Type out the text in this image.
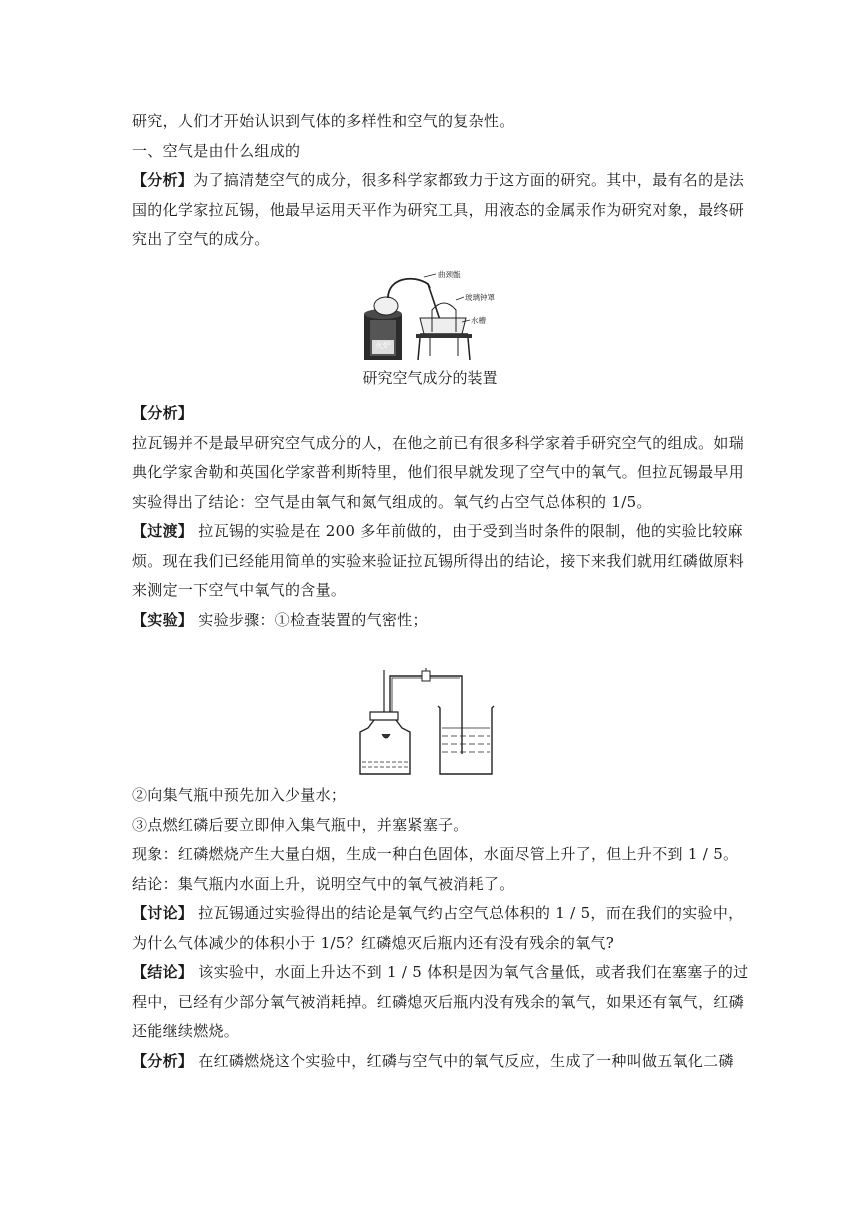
研究，人们才开始认识到气体的多样性和空气的复杂性。

一、空气是由什么组成的

【分析】为了搞清楚空气的成分，很多科学家都致力于这方面的研究。其中，最有名的是法

国的化学家拉瓦锡，他最早运用天平作为研究工具，用液态的金属汞作为研究对象，最终研

究出了空气的成分。

火炉
曲颈甑
玻璃钟罩
水槽
研究空气成分的装置

【分析】

拉瓦锡并不是最早研究空气成分的人，在他之前已有很多科学家着手研究空气的组成。如瑞

典化学家舍勒和英国化学家普利斯特里，他们很早就发现了空气中的氧气。但拉瓦锡最早用

实验得出了结论：空气是由氧气和氮气组成的。氧气约占空气总体积的 1/5。

【过渡】 拉瓦锡的实验是在 200 多年前做的，由于受到当时条件的限制，他的实验比较麻

烦。现在我们已经能用简单的实验来验证拉瓦锡所得出的结论，接下来我们就用红磷做原料

来测定一下空气中氧气的含量。

【实验】 实验步骤：①检查装置的气密性；

②向集气瓶中预先加入少量水；

③点燃红磷后要立即伸入集气瓶中，并塞紧塞子。

现象：红磷燃烧产生大量白烟，生成一种白色固体，水面尽管上升了，但上升不到 1 / 5。

结论：集气瓶内水面上升，说明空气中的氧气被消耗了。

【讨论】 拉瓦锡通过实验得出的结论是氧气约占空气总体积的 1 / 5，而在我们的实验中，

为什么气体减少的体积小于 1/5？红磷熄灭后瓶内还有没有残余的氧气?

【结论】 该实验中，水面上升达不到 1 / 5 体积是因为氧气含量低，或者我们在塞塞子的过

程中，已经有少部分氧气被消耗掉。红磷熄灭后瓶内没有残余的氧气，如果还有氧气，红磷

还能继续燃烧。

【分析】 在红磷燃烧这个实验中，红磷与空气中的氧气反应，生成了一种叫做五氧化二磷
